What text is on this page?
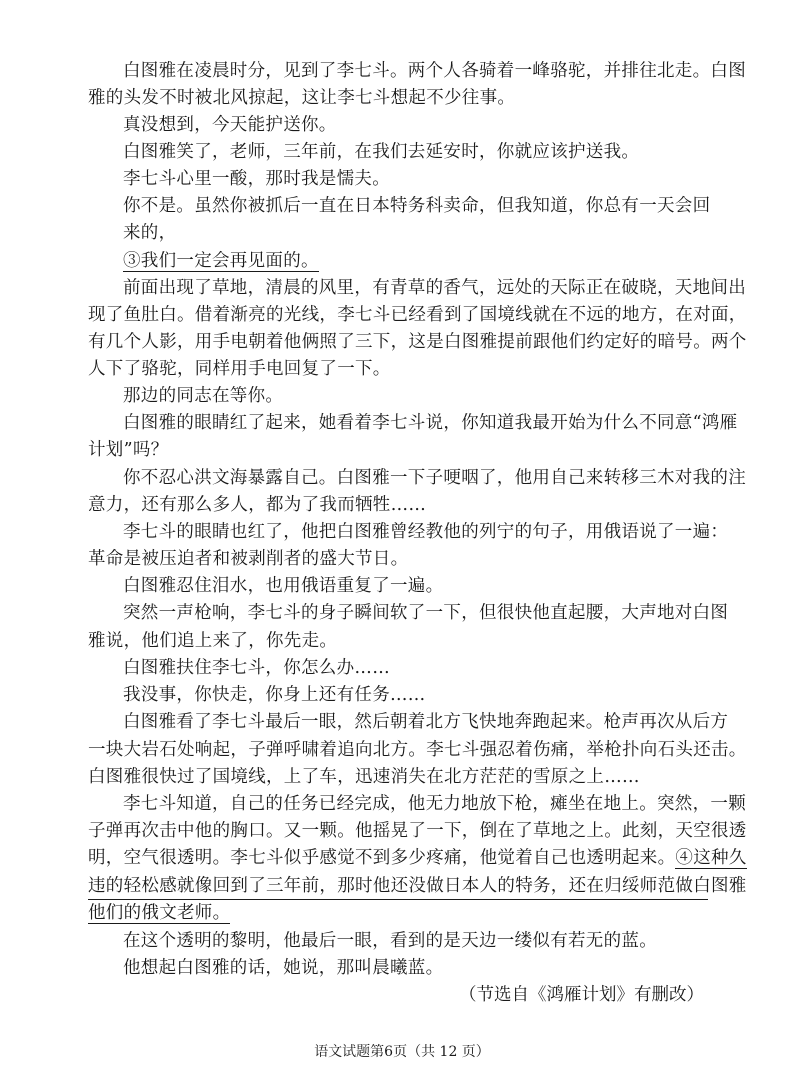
白图雅在凌晨时分，见到了李七斗。两个人各骑着一峰骆驼，并排往北走。白图
雅的头发不时被北风掠起，这让李七斗想起不少往事。
真没想到，今天能护送你。
白图雅笑了，老师，三年前，在我们去延安时，你就应该护送我。
李七斗心里一酸，那时我是懦夫。
你不是。虽然你被抓后一直在日本特务科卖命，但我知道，你总有一天会回
来的，
③我们一定会再见面的。
前面出现了草地，清晨的风里，有青草的香气，远处的天际正在破晓，天地间出
现了鱼肚白。借着渐亮的光线，李七斗已经看到了国境线就在不远的地方，在对面，
有几个人影，用手电朝着他俩照了三下，这是白图雅提前跟他们约定好的暗号。两个
人下了骆驼，同样用手电回复了一下。
那边的同志在等你。
白图雅的眼睛红了起来，她看着李七斗说，你知道我最开始为什么不同意“鸿雁
计划”吗？
你不忍心洪文海暴露自己。白图雅一下子哽咽了，他用自己来转移三木对我的注
意力，还有那么多人，都为了我而牺牲……
李七斗的眼睛也红了，他把白图雅曾经教他的列宁的句子，用俄语说了一遍：
革命是被压迫者和被剥削者的盛大节日。
白图雅忍住泪水，也用俄语重复了一遍。
突然一声枪响，李七斗的身子瞬间软了一下，但很快他直起腰，大声地对白图
雅说，他们追上来了，你先走。
白图雅扶住李七斗，你怎么办……
我没事，你快走，你身上还有任务……
白图雅看了李七斗最后一眼，然后朝着北方飞快地奔跑起来。枪声再次从后方
一块大岩石处响起，子弹呼啸着追向北方。李七斗强忍着伤痛，举枪扑向石头还击。
白图雅很快过了国境线，上了车，迅速消失在北方茫茫的雪原之上……
李七斗知道，自己的任务已经完成，他无力地放下枪，瘫坐在地上。突然，一颗
子弹再次击中他的胸口。又一颗。他摇晃了一下，倒在了草地之上。此刻，天空很透
明，空气很透明。李七斗似乎感觉不到多少疼痛，他觉着自己也透明起来。④这种久
违的轻松感就像回到了三年前，那时他还没做日本人的特务，还在归绥师范做白图雅
他们的俄文老师。
在这个透明的黎明，他最后一眼，看到的是天边一缕似有若无的蓝。
他想起白图雅的话，她说，那叫晨曦蓝。
（节选自《鸿雁计划》有删改）
语文试题第6页（共 12 页）
